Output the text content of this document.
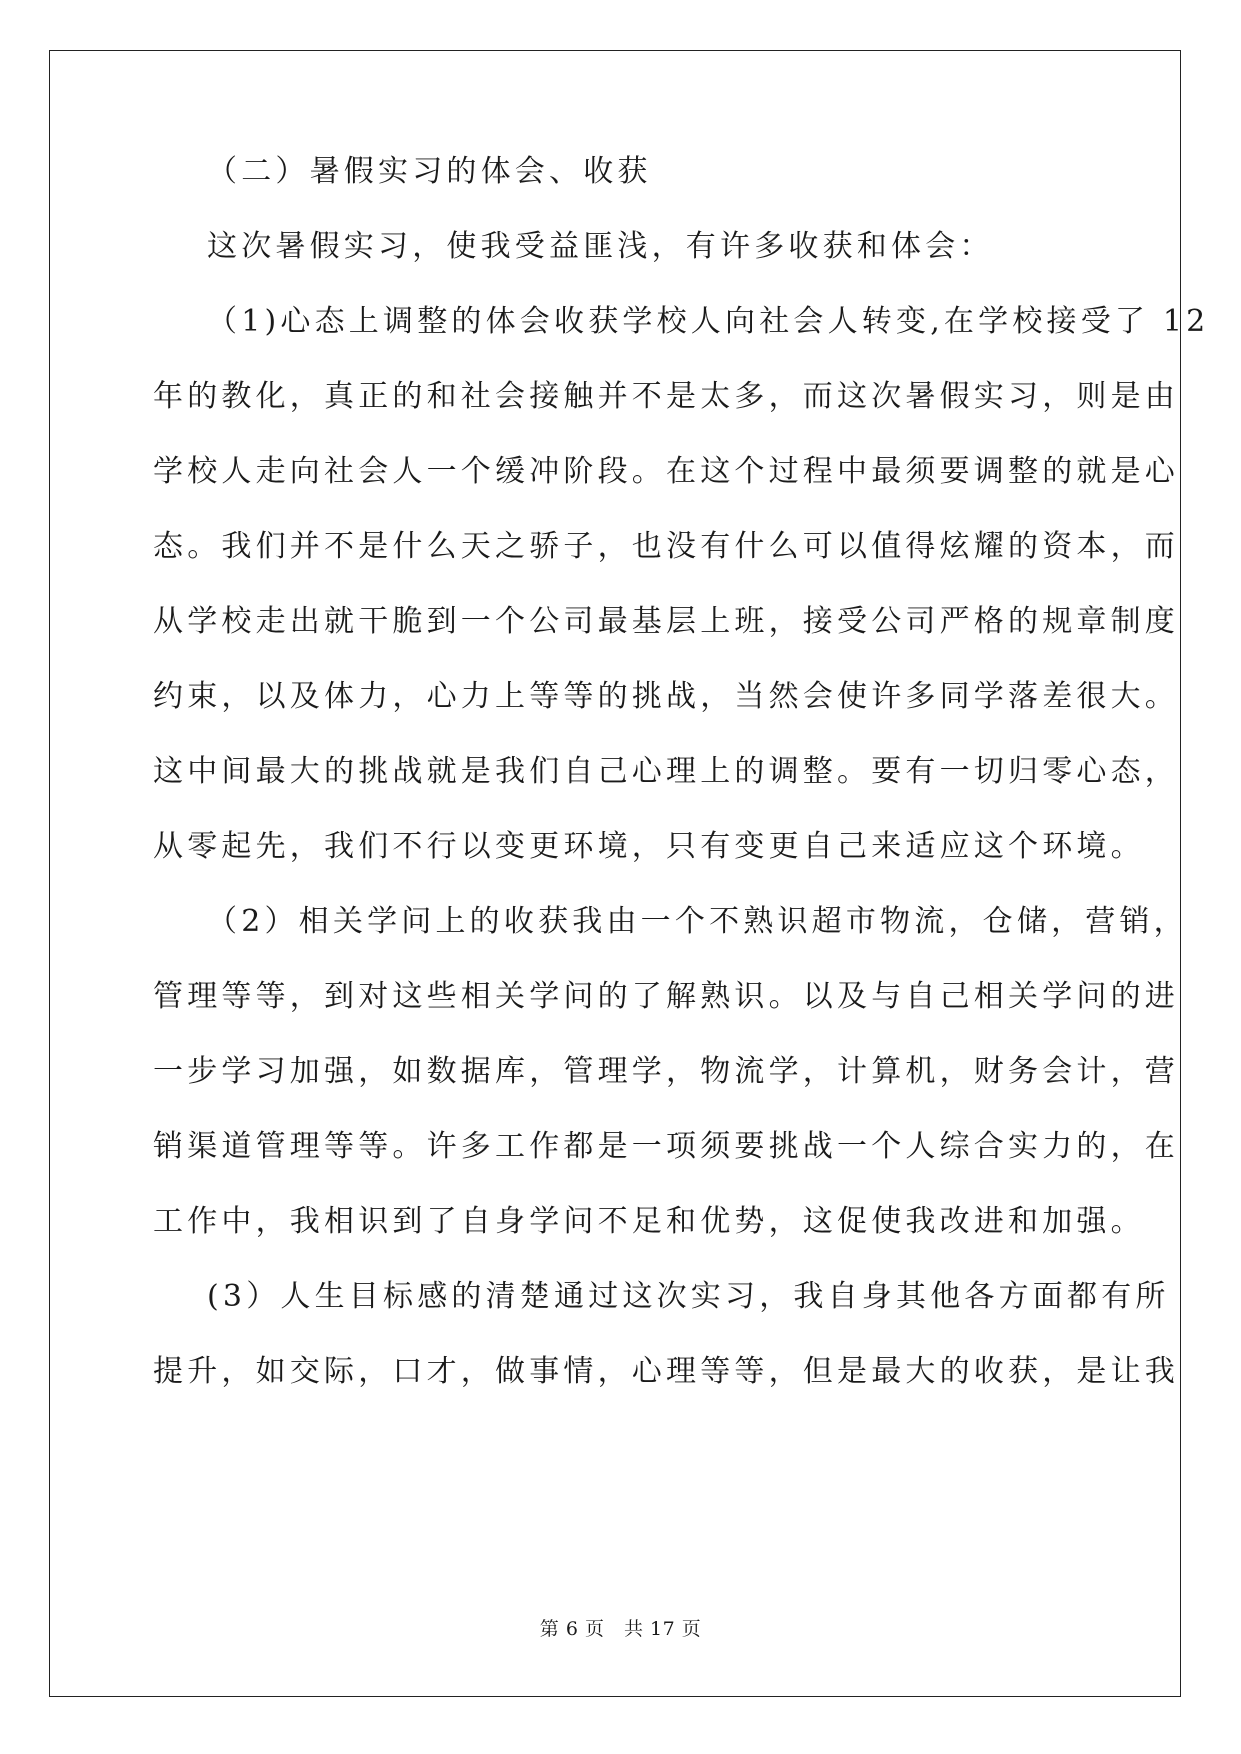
（二）暑假实习的体会、收获
这次暑假实习，使我受益匪浅，有许多收获和体会：
（1)心态上调整的体会收获学校人向社会人转变,在学校接受了 12
年的教化，真正的和社会接触并不是太多，而这次暑假实习，则是由
学校人走向社会人一个缓冲阶段。在这个过程中最须要调整的就是心
态。我们并不是什么天之骄子，也没有什么可以值得炫耀的资本，而
从学校走出就干脆到一个公司最基层上班，接受公司严格的规章制度
约束，以及体力，心力上等等的挑战，当然会使许多同学落差很大。
这中间最大的挑战就是我们自己心理上的调整。要有一切归零心态，
从零起先，我们不行以变更环境，只有变更自己来适应这个环境。
（2）相关学问上的收获我由一个不熟识超市物流，仓储，营销，
管理等等，到对这些相关学问的了解熟识。以及与自己相关学问的进
一步学习加强，如数据库，管理学，物流学，计算机，财务会计，营
销渠道管理等等。许多工作都是一项须要挑战一个人综合实力的，在
工作中，我相识到了自身学问不足和优势，这促使我改进和加强。
(3）人生目标感的清楚通过这次实习，我自身其他各方面都有所
提升，如交际，口才，做事情，心理等等，但是最大的收获，是让我
第 6 页　共 17 页
